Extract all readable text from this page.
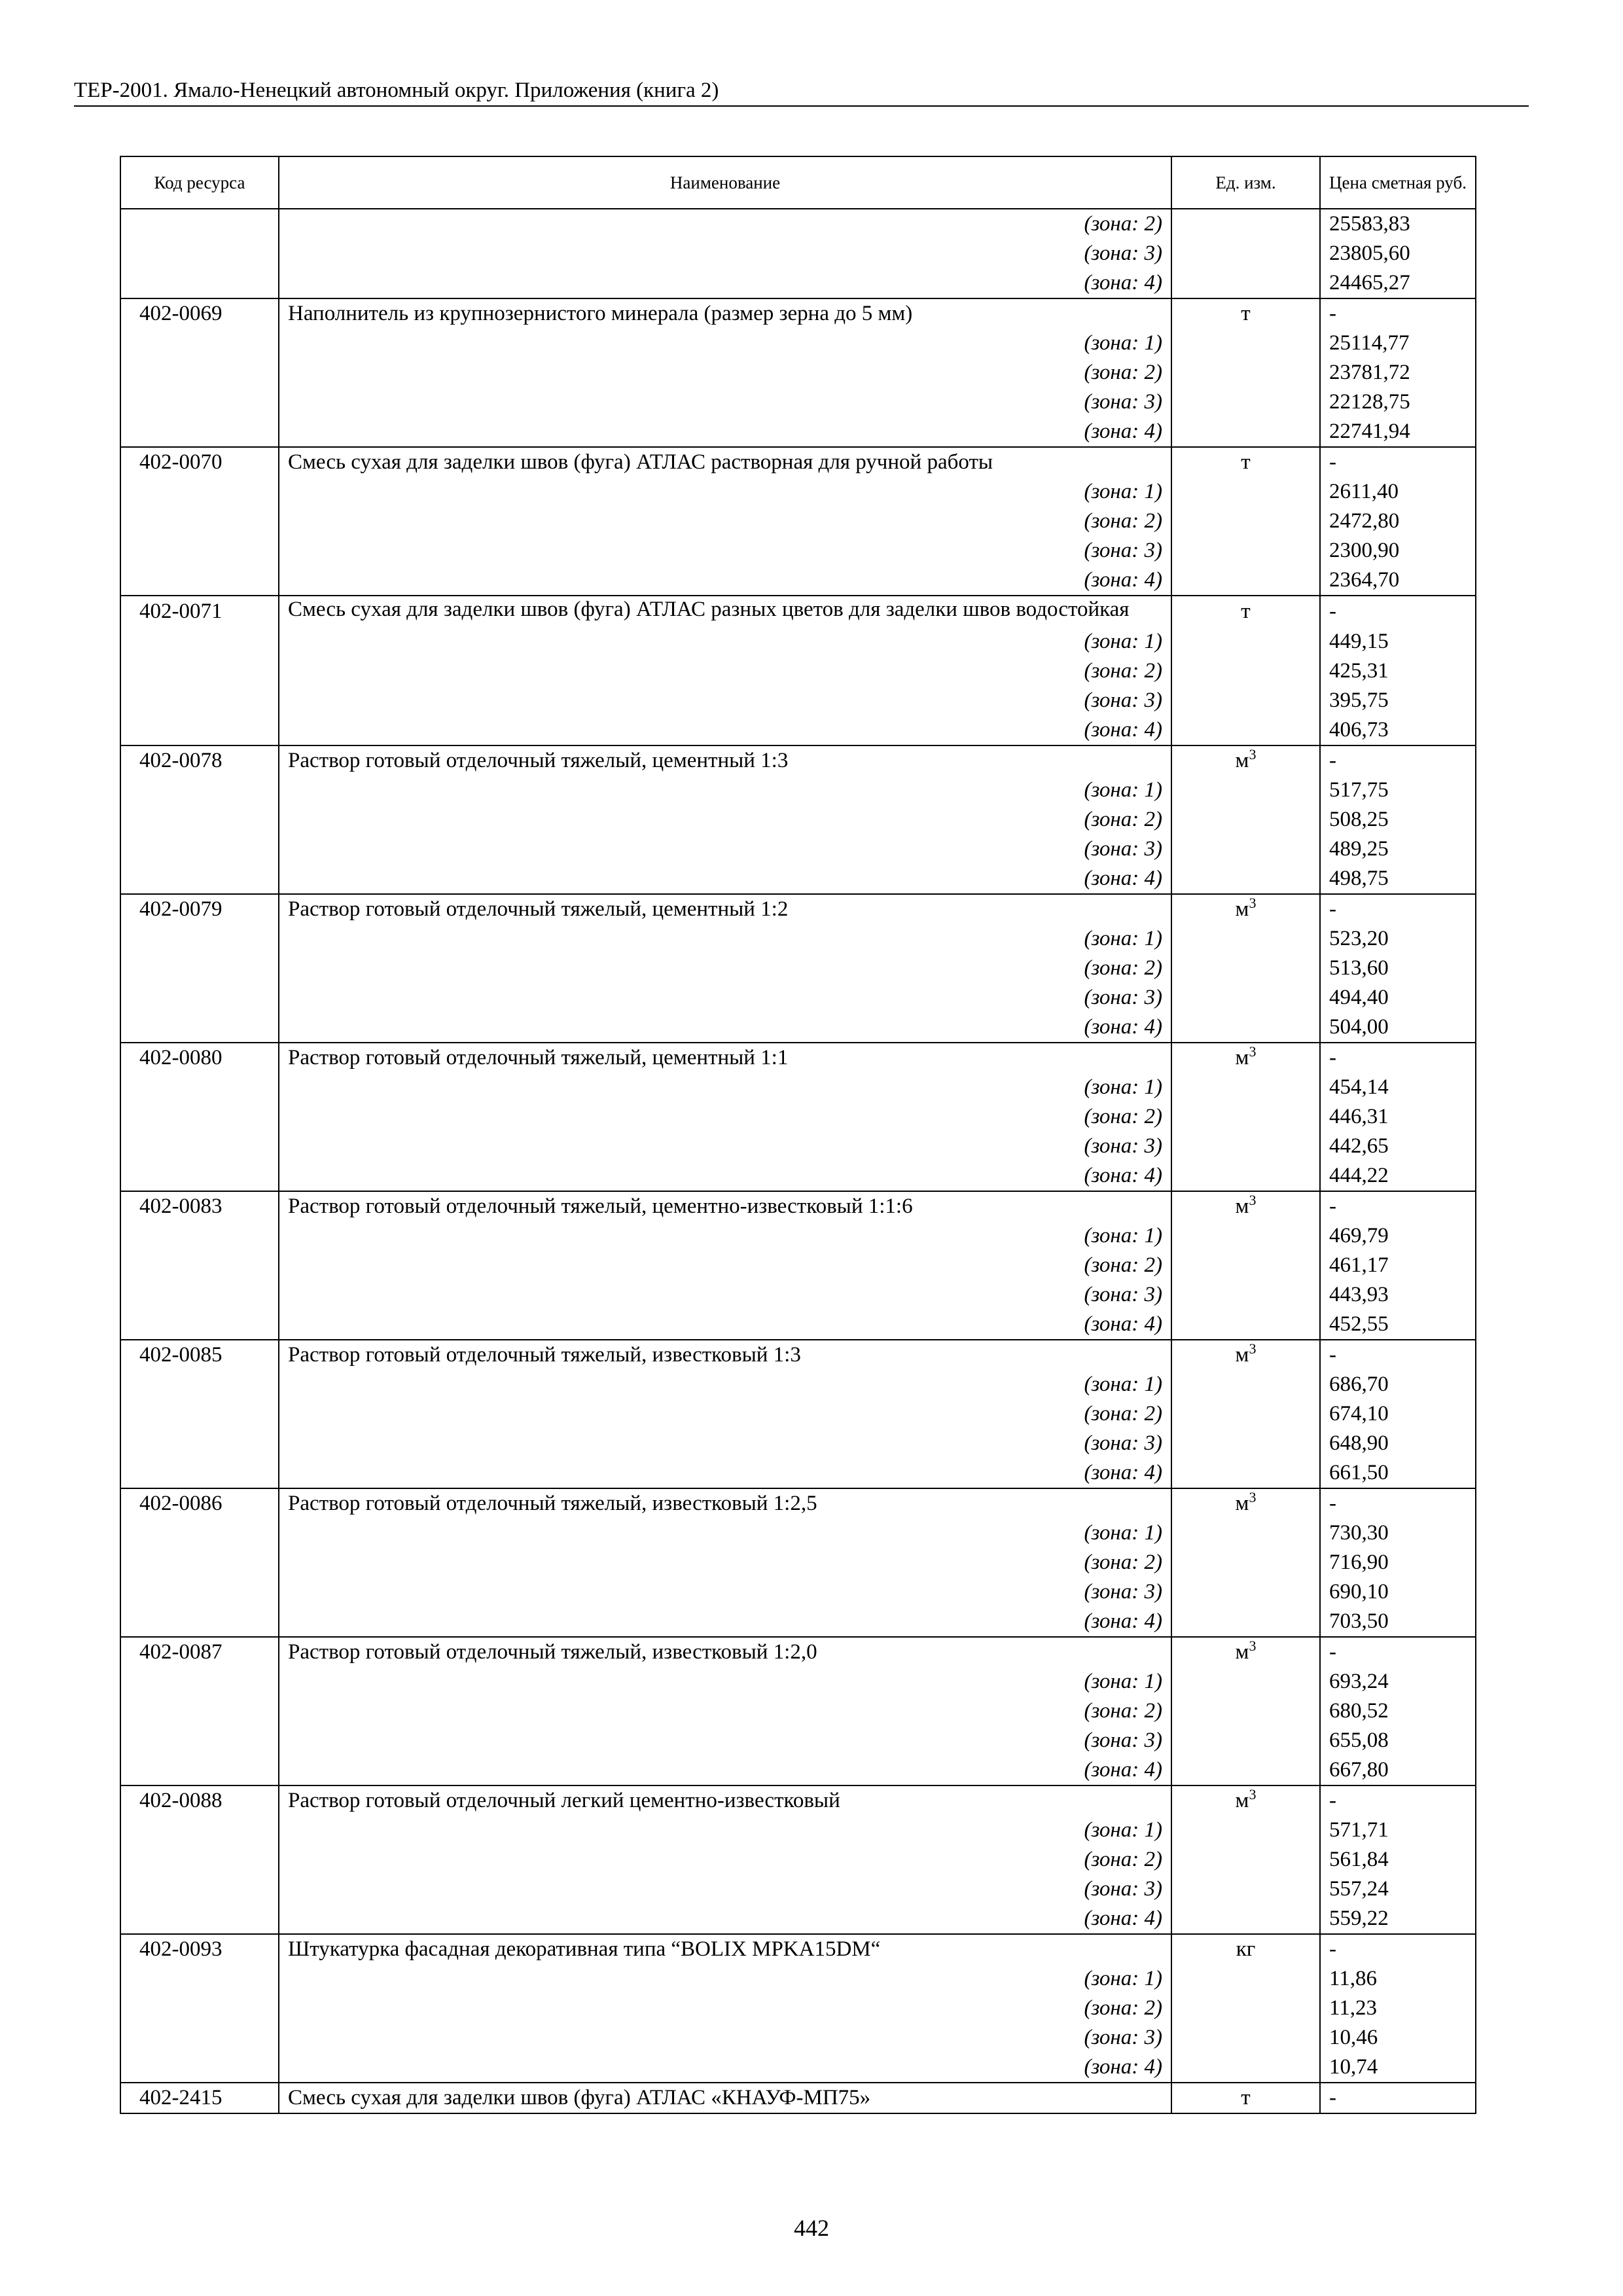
ТЕР-2001. Ямало-Ненецкий автономный округ. Приложения (книга 2)
Код ресурса	Наименование	Ед. изм.	Цена сметная руб.

	(зона: 2)		25583,83
	(зона: 3)		23805,60
	(зона: 4)		24465,27
402-0069	Наполнитель из крупнозернистого минерала (размер зерна до 5 мм)	т	-
	(зона: 1)		25114,77
	(зона: 2)		23781,72
	(зона: 3)		22128,75
	(зона: 4)		22741,94
402-0070	Смесь сухая для заделки швов (фуга) АТЛАС растворная для ручной работы	т	-
	(зона: 1)		2611,40
	(зона: 2)		2472,80
	(зона: 3)		2300,90
	(зона: 4)		2364,70
402-0071	Смесь сухая для заделки швов (фуга) АТЛАС разных цветов для заделки швов водостойкая	т	-
	(зона: 1)		449,15
	(зона: 2)		425,31
	(зона: 3)		395,75
	(зона: 4)		406,73
402-0078	Раствор готовый отделочный тяжелый, цементный 1:3	$м^3$	-
	(зона: 1)		517,75
	(зона: 2)		508,25
	(зона: 3)		489,25
	(зона: 4)		498,75
402-0079	Раствор готовый отделочный тяжелый, цементный 1:2	$м^3$	-
	(зона: 1)		523,20
	(зона: 2)		513,60
	(зона: 3)		494,40
	(зона: 4)		504,00
402-0080	Раствор готовый отделочный тяжелый, цементный 1:1	$м^3$	-
	(зона: 1)		454,14
	(зона: 2)		446,31
	(зона: 3)		442,65
	(зона: 4)		444,22
402-0083	Раствор готовый отделочный тяжелый, цементно-известковый 1:1:6	$м^3$	-
	(зона: 1)		469,79
	(зона: 2)		461,17
	(зона: 3)		443,93
	(зона: 4)		452,55
402-0085	Раствор готовый отделочный тяжелый, известковый 1:3	$м^3$	-
	(зона: 1)		686,70
	(зона: 2)		674,10
	(зона: 3)		648,90
	(зона: 4)		661,50
402-0086	Раствор готовый отделочный тяжелый, известковый 1:2,5	$м^3$	-
	(зона: 1)		730,30
	(зона: 2)		716,90
	(зона: 3)		690,10
	(зона: 4)		703,50
402-0087	Раствор готовый отделочный тяжелый, известковый 1:2,0	$м^3$	-
	(зона: 1)		693,24
	(зона: 2)		680,52
	(зона: 3)		655,08
	(зона: 4)		667,80
402-0088	Раствор готовый отделочный легкий цементно-известковый	$м^3$	-
	(зона: 1)		571,71
	(зона: 2)		561,84
	(зона: 3)		557,24
	(зона: 4)		559,22
402-0093	Штукатурка фасадная декоративная типа “BOLIX MPKA15DM“	кг	-
	(зона: 1)		11,86
	(зона: 2)		11,23
	(зона: 3)		10,46
	(зона: 4)		10,74
402-2415	Смесь сухая для заделки швов (фуга) АТЛАС «КНАУФ-МП75»	т	-
442
